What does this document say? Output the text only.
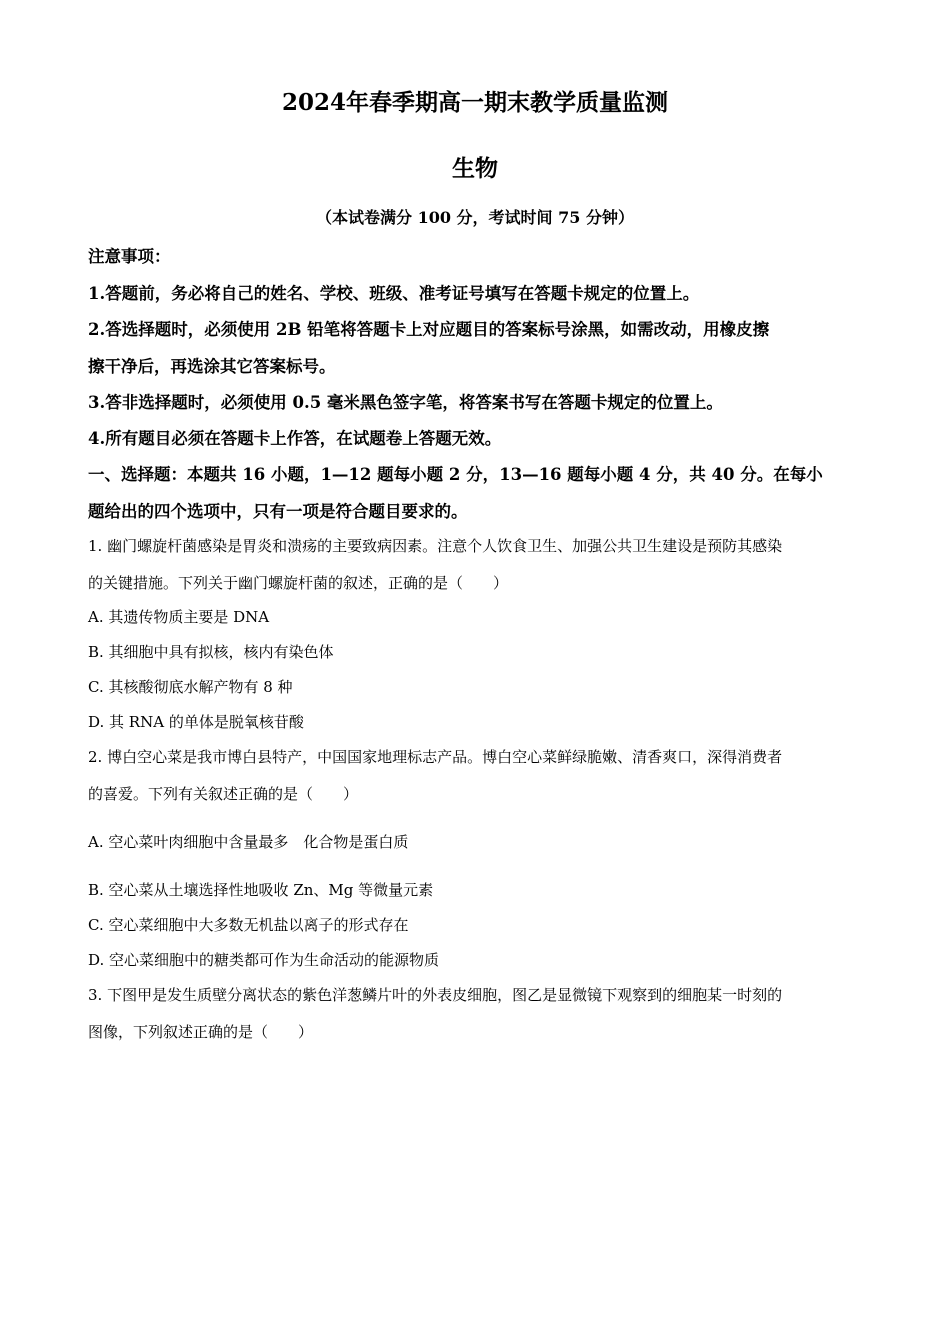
2024年春季期高一期末教学质量监测
生物
（本试卷满分 100 分，考试时间 75 分钟）
注意事项：
1.答题前，务必将自己的姓名、学校、班级、准考证号填写在答题卡规定的位置上。
2.答选择题时，必须使用 2B 铅笔将答题卡上对应题目的答案标号涂黑，如需改动，用橡皮擦
擦干净后，再选涂其它答案标号。
3.答非选择题时，必须使用 0.5 毫米黑色签字笔，将答案书写在答题卡规定的位置上。
4.所有题目必须在答题卡上作答，在试题卷上答题无效。
一、选择题：本题共 16 小题，1—12 题每小题 2 分，13—16 题每小题 4 分，共 40 分。在每小
题给出的四个选项中，只有一项是符合题目要求的。
1. 幽门螺旋杆菌感染是胃炎和溃疡的主要致病因素。注意个人饮食卫生、加强公共卫生建设是预防其感染
的关键措施。下列关于幽门螺旋杆菌的叙述，正确的是（　　）
A. 其遗传物质主要是 DNA
B. 其细胞中具有拟核，核内有染色体
C. 其核酸彻底水解产物有 8 种
D. 其 RNA 的单体是脱氧核苷酸
2. 博白空心菜是我市博白县特产，中国国家地理标志产品。博白空心菜鲜绿脆嫩、清香爽口，深得消费者
的喜爱。下列有关叙述正确的是（　　）
A. 空心菜叶肉细胞中含量最多　化合物是蛋白质
B. 空心菜从土壤选择性地吸收 Zn、Mg 等微量元素
C. 空心菜细胞中大多数无机盐以离子的形式存在
D. 空心菜细胞中的糖类都可作为生命活动的能源物质
3. 下图甲是发生质壁分离状态的紫色洋葱鳞片叶的外表皮细胞，图乙是显微镜下观察到的细胞某一时刻的
图像，下列叙述正确的是（　　）
